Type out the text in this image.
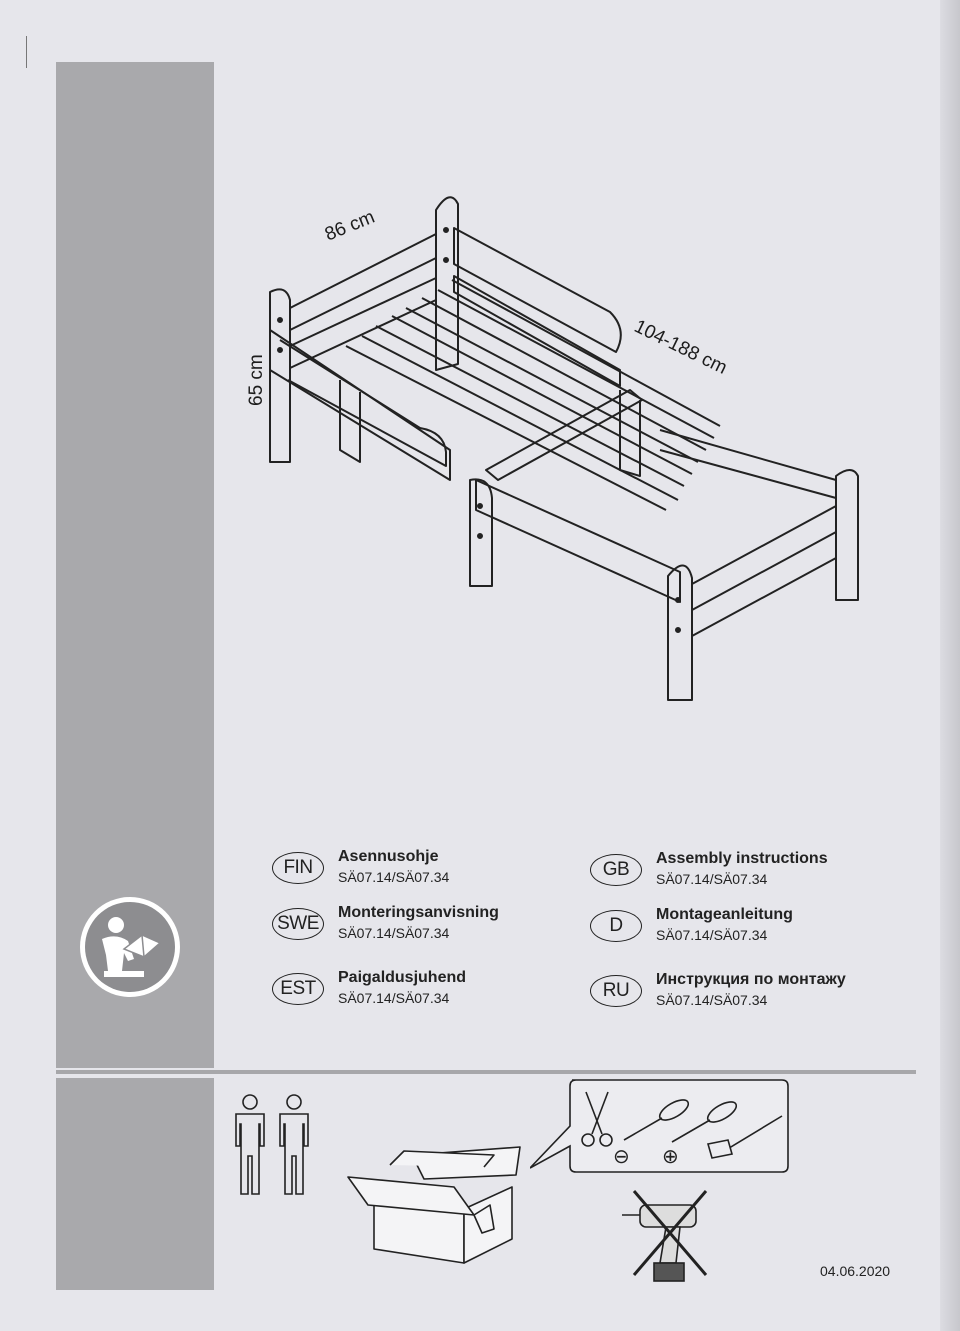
86 cm
104-188 cm
65 cm
FIN
Asennusohje
SÄ07.14/SÄ07.34	GB
Assembly instructions
SÄ07.14/SÄ07.34
SWE
Monteringsanvisning
SÄ07.14/SÄ07.34	D
Montageanleitung
SÄ07.14/SÄ07.34
EST
Paigaldusjuhend
SÄ07.14/SÄ07.34	RU
Инструкция по монтажу
SÄ07.14/SÄ07.34
⊖ ⊕
04.06.2020
